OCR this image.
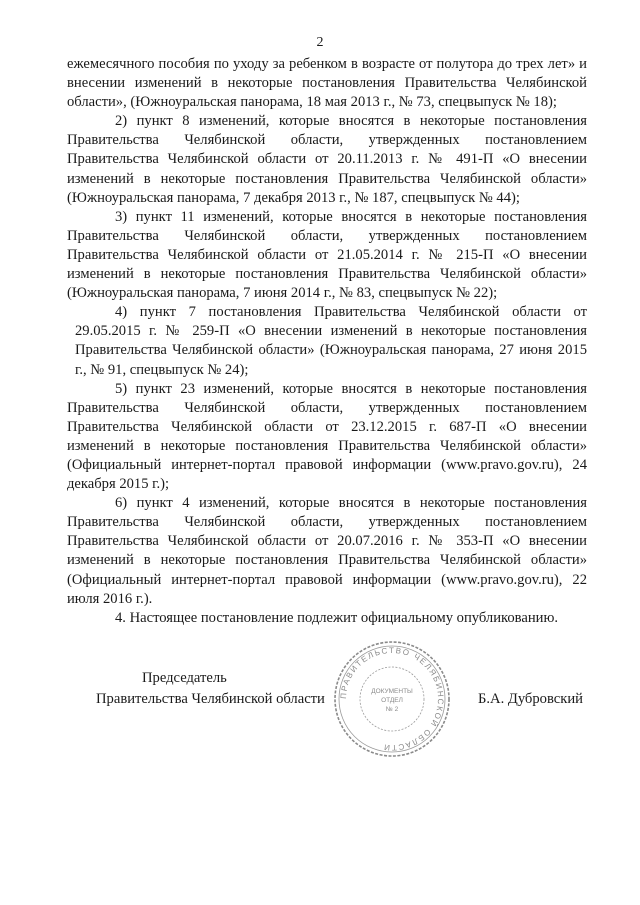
2

ежемесячного пособия по уходу за ребенком в возрасте от полутора до трех лет» и внесении изменений в некоторые постановления Правительства Челябинской области», (Южноуральская панорама, 18 мая 2013 г., № 73, спецвыпуск № 18);

2) пункт 8 изменений, которые вносятся в некоторые постановления Правительства Челябинской области, утвержденных постановлением Правительства Челябинской области от 20.11.2013 г. № 491-П «О внесении изменений в некоторые постановления Правительства Челябинской области» (Южноуральская панорама, 7 декабря 2013 г., № 187, спецвыпуск № 44);

3) пункт 11 изменений, которые вносятся в некоторые постановления Правительства Челябинской области, утвержденных постановлением Правительства Челябинской области от 21.05.2014 г. № 215-П «О внесении изменений в некоторые постановления Правительства Челябинской области» (Южноуральская панорама, 7 июня 2014 г., № 83, спецвыпуск № 22);

4) пункт 7 постановления Правительства Челябинской области от 29.05.2015 г. № 259-П «О внесении изменений в некоторые постановления Правительства Челябинской области» (Южноуральская панорама, 27 июня 2015 г., № 91, спецвыпуск № 24);

5) пункт 23 изменений, которые вносятся в некоторые постановления Правительства Челябинской области, утвержденных постановлением Правительства Челябинской области от 23.12.2015 г. 687-П «О внесении изменений в некоторые постановления Правительства Челябинской области» (Официальный интернет-портал правовой информации (www.pravo.gov.ru), 24 декабря 2015 г.);

6) пункт 4 изменений, которые вносятся в некоторые постановления Правительства Челябинской области, утвержденных постановлением Правительства Челябинской области от 20.07.2016 г. № 353-П «О внесении изменений в некоторые постановления Правительства Челябинской области» (Официальный интернет-портал правовой информации (www.pravo.gov.ru), 22 июля 2016 г.).

4. Настоящее постановление подлежит официальному опубликованию.

Председатель
Правительства Челябинской области	ПРАВИТЕЛЬСТВО ЧЕЛЯБИНСКОЙ ОБЛАСТИ
ДОКУМЕНТЫ
ОТДЕЛ
№ 2
Б.А. Дубровский
